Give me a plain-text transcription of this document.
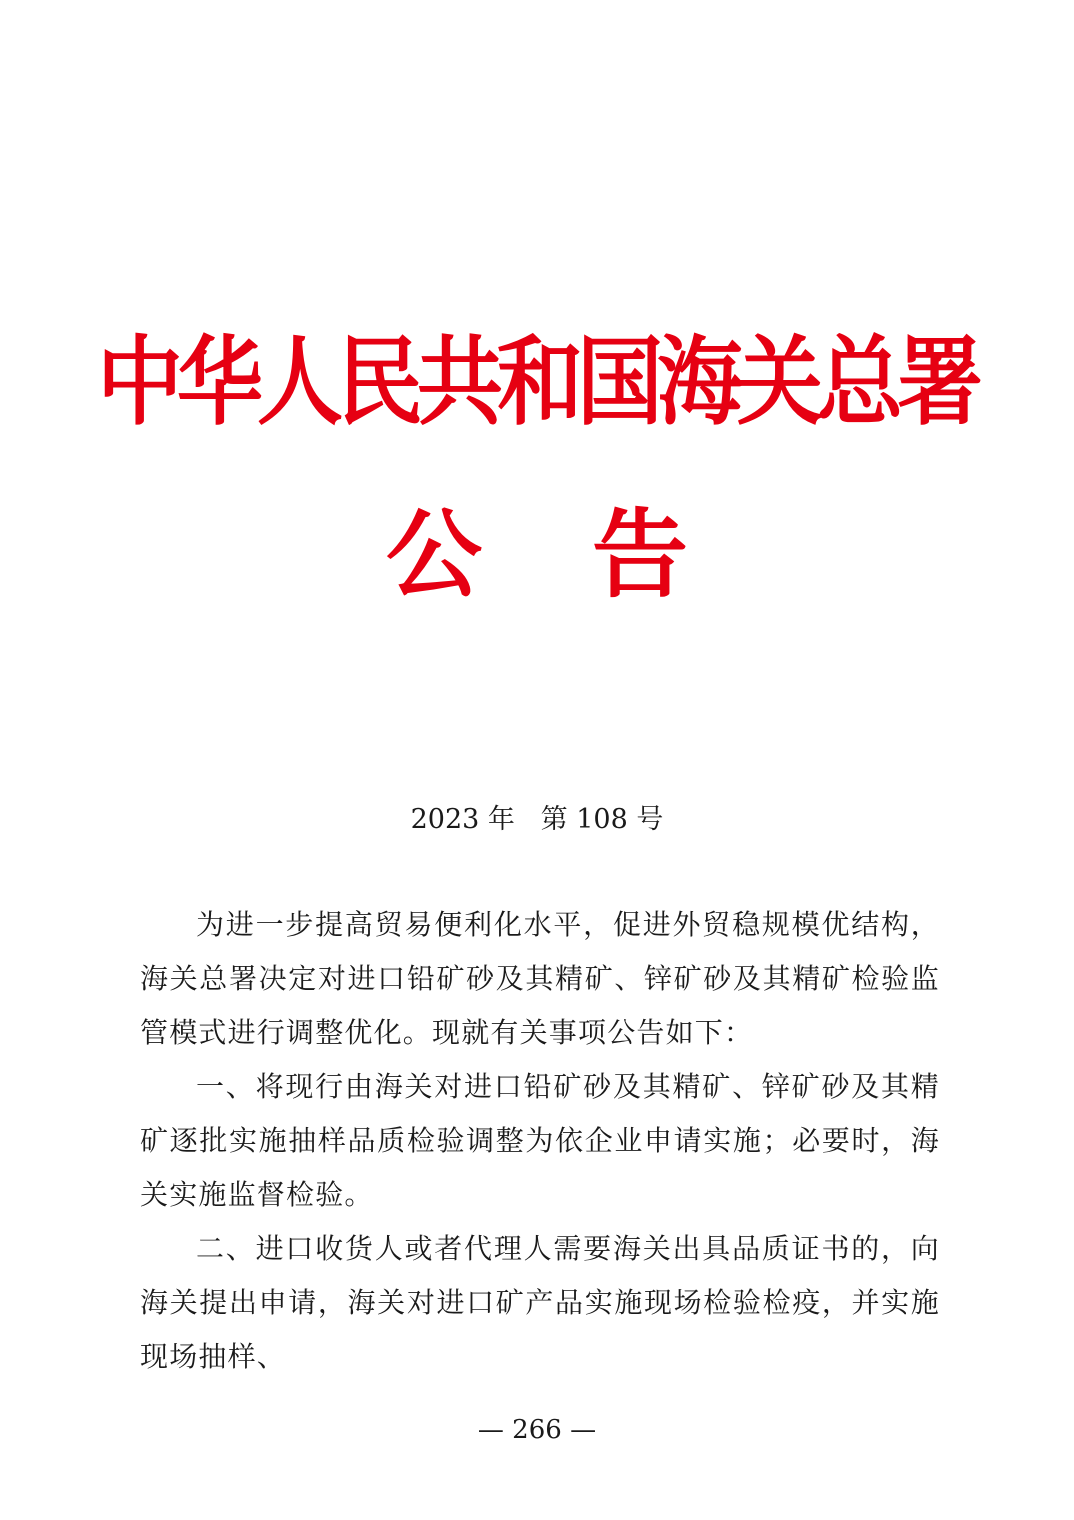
中华人民共和国海关总署
公告
2023 年   第 108 号

为进一步提高贸易便利化水平，促进外贸稳规模优结构，海关总署决定对进口铅矿砂及其精矿、锌矿砂及其精矿检验监管模式进行调整优化。现就有关事项公告如下：

一、将现行由海关对进口铅矿砂及其精矿、锌矿砂及其精矿逐批实施抽样品质检验调整为依企业申请实施；必要时，海关实施监督检验。

二、进口收货人或者代理人需要海关出具品质证书的，向海关提出申请，海关对进口矿产品实施现场检验检疫，并实施现场抽样、

— 266 —
